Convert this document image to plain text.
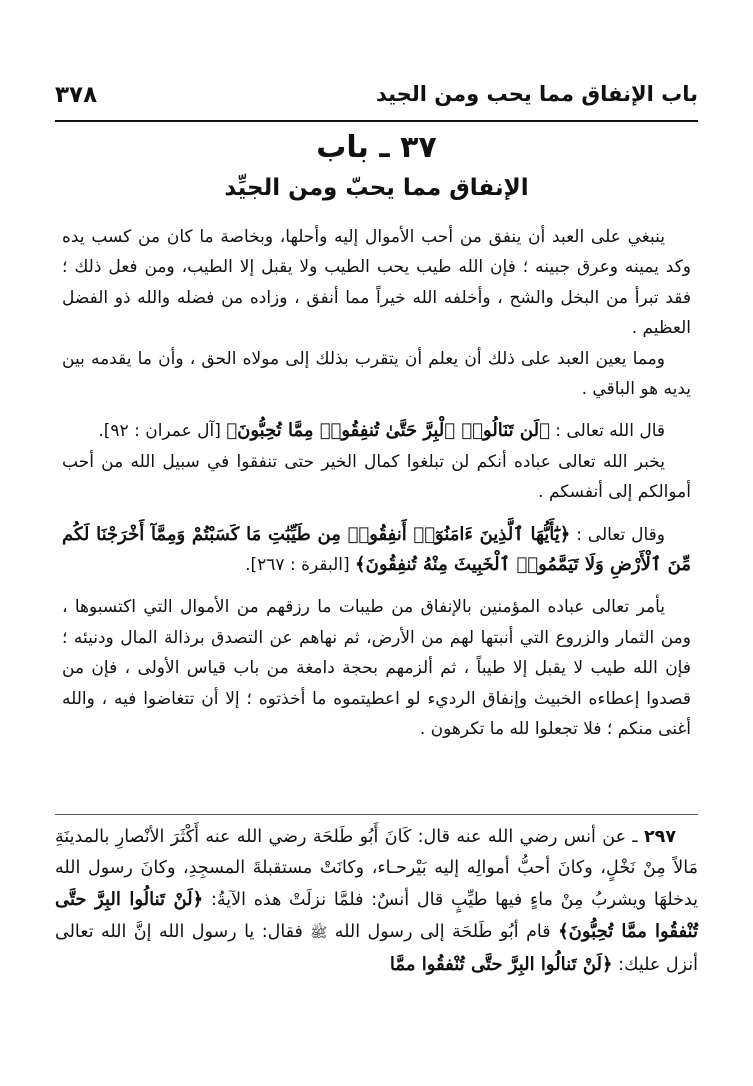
باب الإنفاق مما يحب ومن الجيد
٣٧٨
٣٧ ـ باب
الإنفاق مما يحبّ ومن الجيِّد

ينبغي على العبد أن ينفق من أحب الأموال إليه وأحلها، وبخاصة ما كان من كسب يده وكد يمينه وعرق جبينه ؛ فإن الله طيب يحب الطيب ولا يقبل إلا الطيب، ومن فعل ذلك ؛ فقد تبرأ من البخل والشح ، وأخلفه الله خيراً مما أنفق ، وزاده من فضله والله ذو الفضل العظيم .

ومما يعين العبد على ذلك أن يعلم أن يتقرب بذلك إلى مولاه الحق ، وأن ما يقدمه بين يديه هو الباقي .

قال الله تعالى : ﴿لَن تَنَالُوا۟ ٱلْبِرَّ حَتَّىٰ تُنفِقُوا۟ مِمَّا تُحِبُّونَ﴾ [آل عمران : ٩٢].

يخبر الله تعالى عباده أنكم لن تبلغوا كمال الخير حتى تنفقوا في سبيل الله من أحب أموالكم إلى أنفسكم .

وقال تعالى : ﴿يَٰٓأَيُّهَا ٱلَّذِينَ ءَامَنُوٓا۟ أَنفِقُوا۟ مِن طَيِّبَٰتِ مَا كَسَبْتُمْ وَمِمَّآ أَخْرَجْنَا لَكُم مِّنَ ٱلْأَرْضِ وَلَا تَيَمَّمُوا۟ ٱلْخَبِيثَ مِنْهُ تُنفِقُونَ﴾ [البقرة : ٢٦٧].

يأمر تعالى عباده المؤمنين بالإنفاق من طيبات ما رزقهم من الأموال التي اكتسبوها ، ومن الثمار والزروع التي أنبتها لهم من الأرض، ثم نهاهم عن التصدق برذالة المال ودنيئه ؛ فإن الله طيب لا يقبل إلا طيباً ، ثم ألزمهم بحجة دامغة من باب قياس الأولى ، فإن من قصدوا إعطاءه الخبيث وإنفاق الرديء لو اعطيتموه ما أخذتوه ؛ إلا أن تتغاضوا فيه ، والله أغنى منكم ؛ فلا تجعلوا لله ما تكرهون .

٢٩٧ ـ عن أنس رضي الله عنه قال: كَانَ أَبُو طَلحَة رضي الله عنه أَكْثَرَ الأنْصارِ بالمدينَةِ مَالاً مِنْ نَخْلٍ، وكانَ أحبُّ أموالِه إليه بَيْرحـاء، وكانَتْ مستقبلةَ المسجِدِ، وكانَ رسول الله يدخلهَا ويشربُ مِنْ ماءٍ فيها طيِّبٍ قال أنسٌ: فلمَّا نزلَتْ هذه الآيةُ: ﴿لَنْ تَنالُوا البِرَّ حتَّى تُنْفقُوا ممَّا تُحِبُّونَ﴾ قام أبُو طَلحَة إلى رسول الله ﷺ فقال: يا رسول الله إنَّ الله تعالى أنزل عليك: ﴿لَنْ تَنالُوا البِرَّ حتَّى تُنْفقُوا ممَّا
